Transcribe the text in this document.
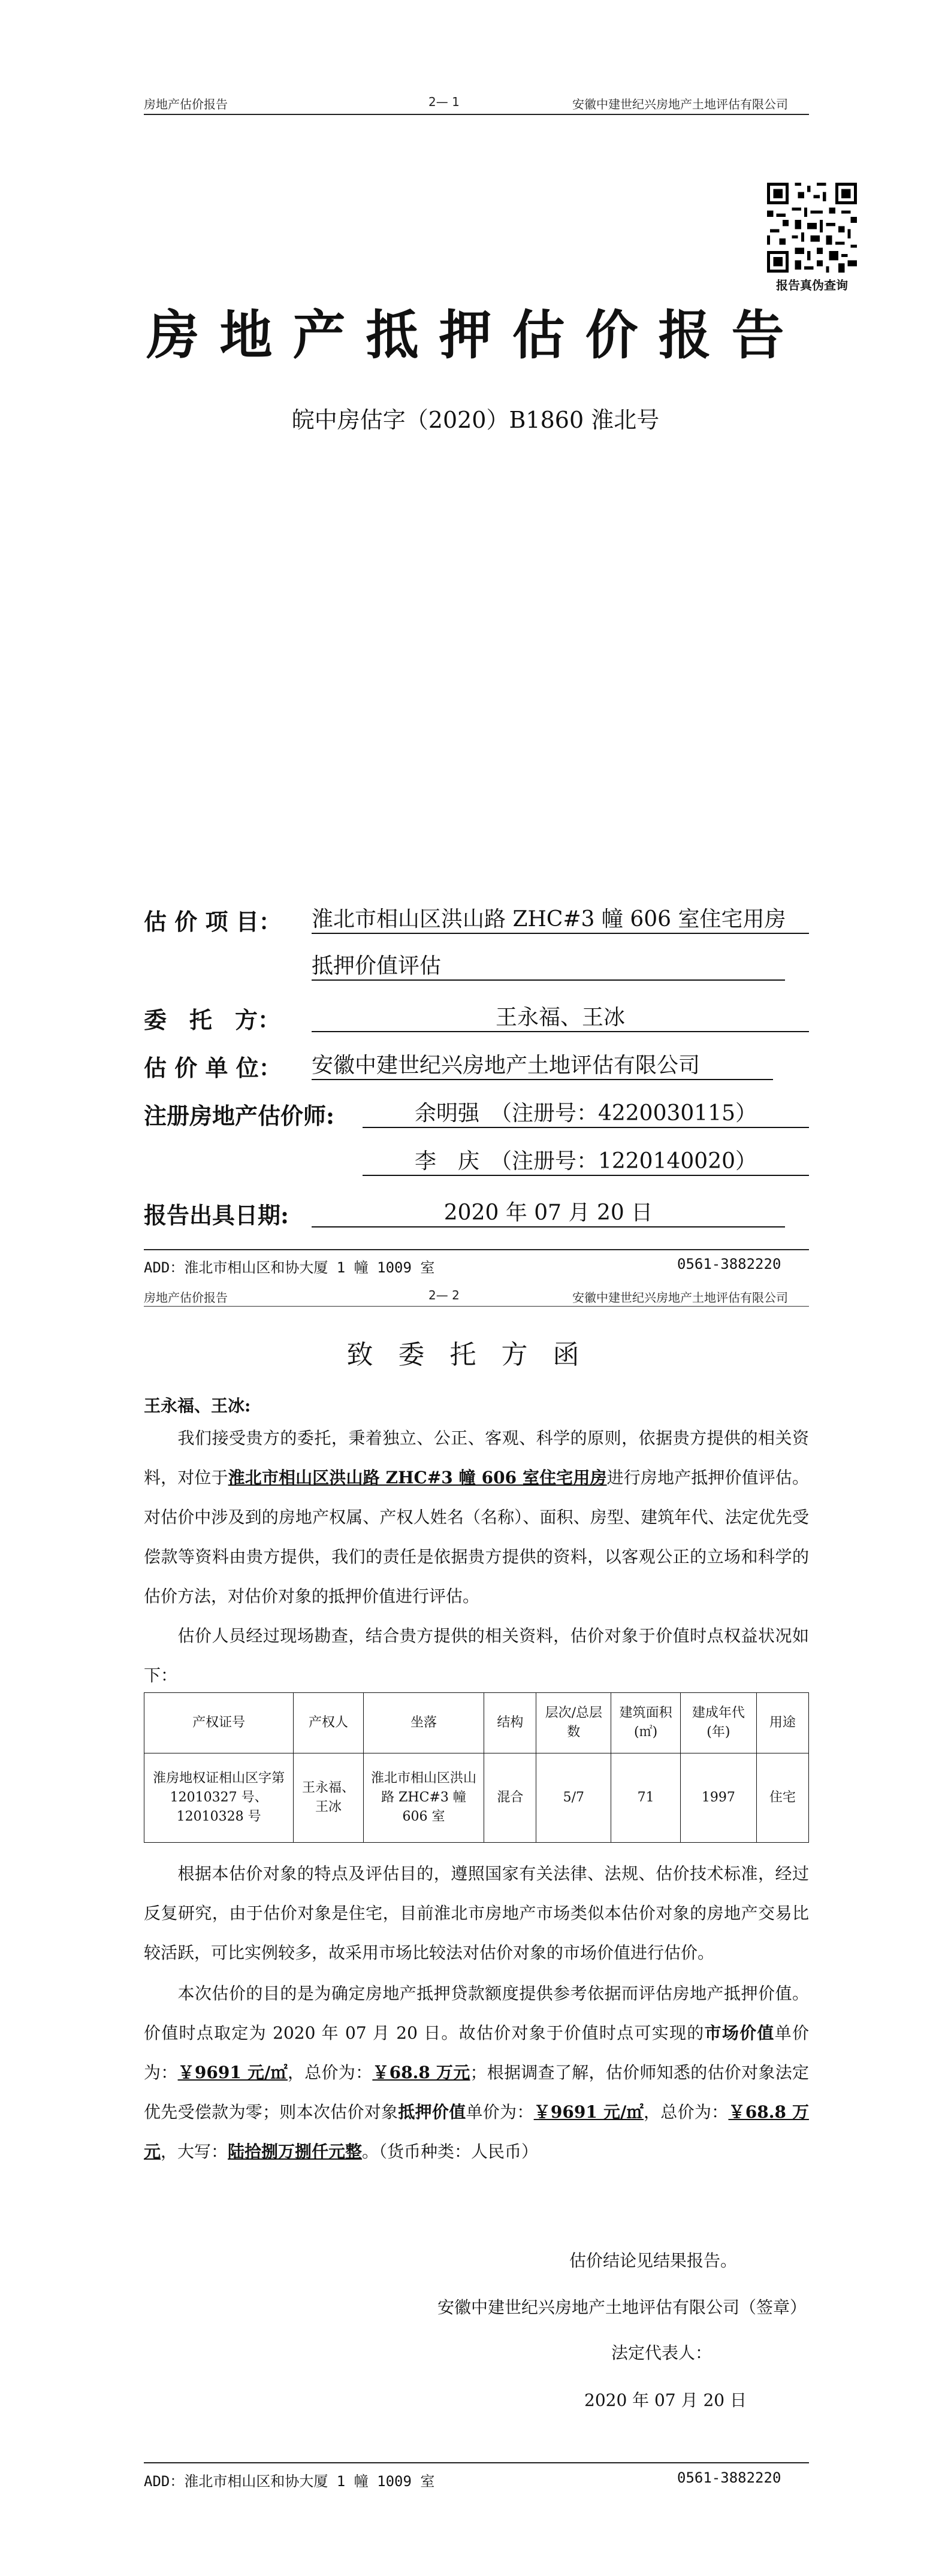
房地产估价报告	2— 1	安徽中建世纪兴房地产土地评估有限公司
报告真伪查询
房地产抵押估价报告
皖中房估字（2020）B1860 淮北号
估 价 项 目： 淮北市相山区洪山路 ZHC#3 幢 606 室住宅用房
抵押价值评估
委　托　方：	王永福、王冰
估 价 单 位： 安徽中建世纪兴房地产土地评估有限公司
注册房地产估价师:	余明强　（注册号：4220030115）
李　庆　（注册号：1220140020）
报告出具日期:	2020 年 07 月 20 日
ADD：淮北市相山区和协大厦 1 幢 1009 室	0561-3882220
房地产估价报告	2— 2	安徽中建世纪兴房地产土地评估有限公司
致委托方函
王永福、王冰:
我们接受贵方的委托，秉着独立、公正、客观、科学的原则，依据贵方提供的相关资料，对位于淮北市相山区洪山路 ZHC#3 幢 606 室住宅用房进行房地产抵押价值评估。对估价中涉及到的房地产权属、产权人姓名（名称）、面积、房型、建筑年代、法定优先受偿款等资料由贵方提供，我们的责任是依据贵方提供的资料，以客观公正的立场和科学的估价方法，对估价对象的抵押价值进行评估。
估价人员经过现场勘查，结合贵方提供的相关资料，估价对象于价值时点权益状况如下：
产权证号	产权人	坐落	结构	层次/总层数	建筑面积(㎡)	建成年代(年)	用途
淮房地权证相山区字第 12010327 号、12010328 号	王永福、王冰	淮北市相山区洪山路 ZHC#3 幢 606 室	混合	5/7	71	1997	住宅
根据本估价对象的特点及评估目的，遵照国家有关法律、法规、估价技术标准，经过反复研究，由于估价对象是住宅，目前淮北市房地产市场类似本估价对象的房地产交易比较活跃，可比实例较多，故采用市场比较法对估价对象的市场价值进行估价。
本次估价的目的是为确定房地产抵押贷款额度提供参考依据而评估房地产抵押价值。价值时点取定为 2020 年 07 月 20 日。故估价对象于价值时点可实现的市场价值单价为：￥9691 元/㎡，总价为：￥68.8 万元；根据调查了解，估价师知悉的估价对象法定优先受偿款为零；则本次估价对象抵押价值单价为：￥9691 元/㎡，总价为：￥68.8 万元，大写：陆拾捌万捌仟元整。（货币种类：人民币）
估价结论见结果报告。
安徽中建世纪兴房地产土地评估有限公司（签章）
法定代表人：
2020 年 07 月 20 日
ADD：淮北市相山区和协大厦 1 幢 1009 室	0561-3882220
